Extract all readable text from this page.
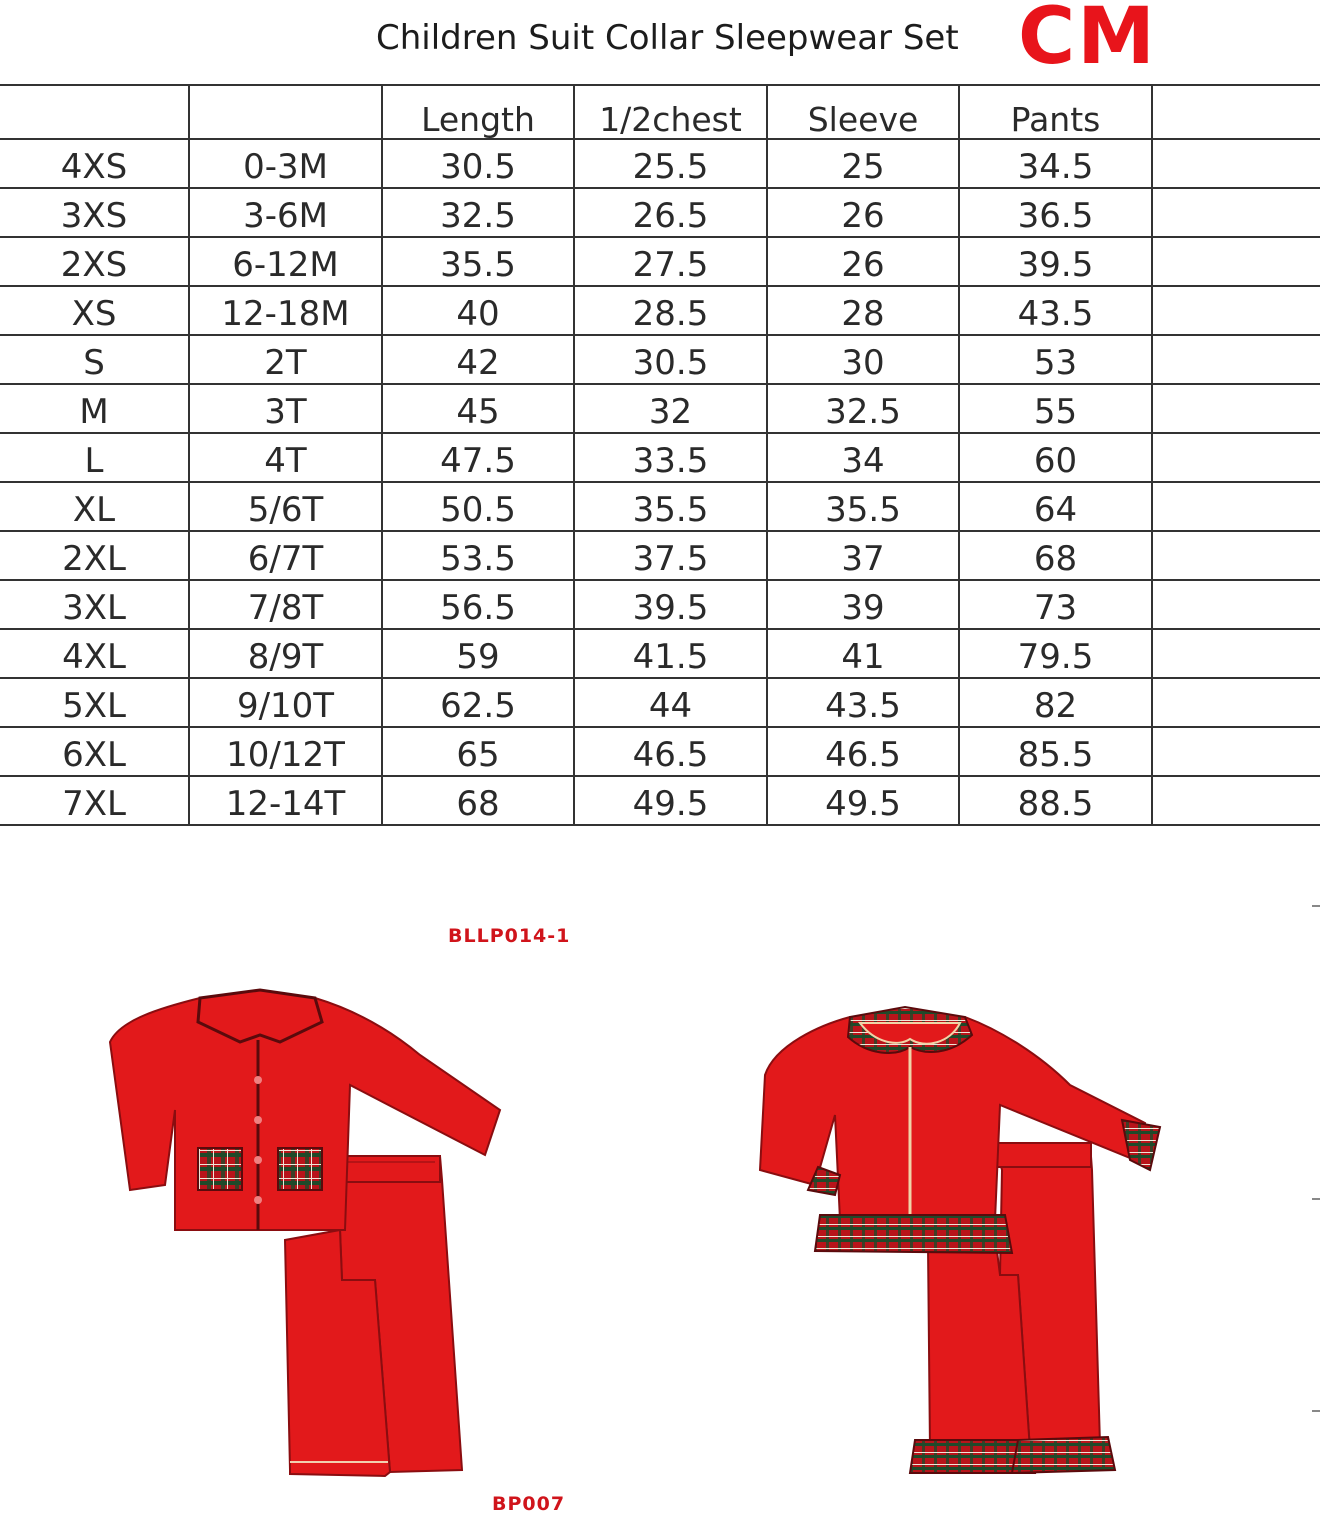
Children Suit Collar Sleepwear Set CM
		Length	1/2chest	Sleeve	Pants	
4XS	0-3M	30.5	25.5	25	34.5	
3XS	3-6M	32.5	26.5	26	36.5	
2XS	6-12M	35.5	27.5	26	39.5	
XS	12-18M	40	28.5	28	43.5	
S	2T	42	30.5	30	53	
M	3T	45	32	32.5	55	
L	4T	47.5	33.5	34	60	
XL	5/6T	50.5	35.5	35.5	64	
2XL	6/7T	53.5	37.5	37	68	
3XL	7/8T	56.5	39.5	39	73	
4XL	8/9T	59	41.5	41	79.5	
5XL	9/10T	62.5	44	43.5	82	
6XL	10/12T	65	46.5	46.5	85.5	
7XL	12-14T	68	49.5	49.5	88.5	
BLLP014-1
BP007
